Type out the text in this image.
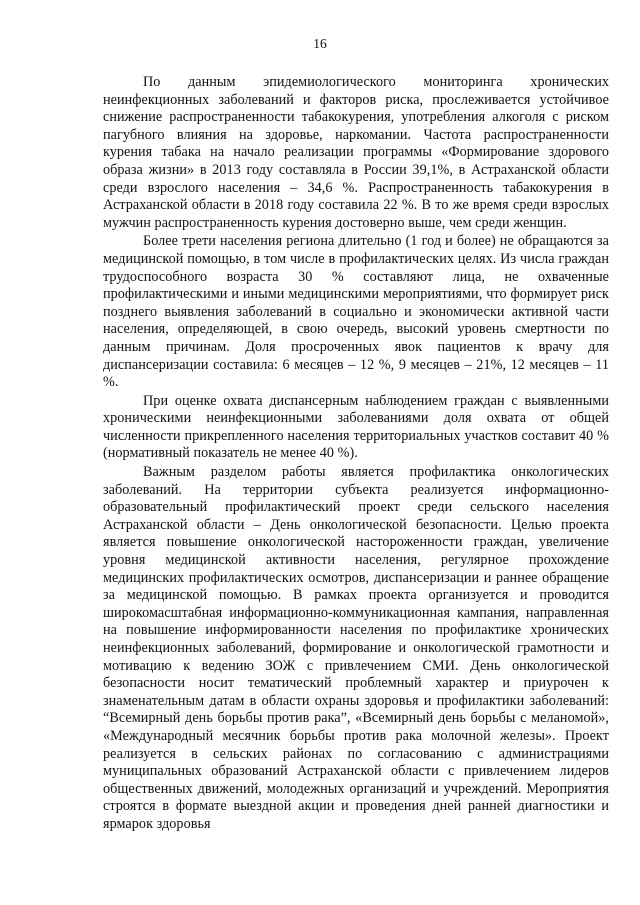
16

По данным эпидемиологического мониторинга хронических неинфекционных заболеваний и факторов риска, прослеживается устойчивое снижение распространенности табакокурения, употребления алкоголя с риском пагубного влияния на здоровье, наркомании. Частота распространенности курения табака на начало реализации программы «Формирование здорового образа жизни» в 2013 году составляла в России 39,1%, в Астраханской области среди взрослого населения – 34,6 %. Распространенность табакокурения в Астраханской области в 2018 году составила 22 %. В то же время среди взрослых мужчин распространенность курения достоверно выше, чем среди женщин.

Более трети населения региона длительно (1 год и более) не обращаются за медицинской помощью, в том числе в профилактических целях. Из числа граждан трудоспособного возраста 30 % составляют лица, не охваченные профилактическими и иными медицинскими мероприятиями, что формирует риск позднего выявления заболеваний в социально и экономически активной части населения, определяющей, в свою очередь, высокий уровень смертности по данным причинам. Доля просроченных явок пациентов к врачу для диспансеризации составила: 6 месяцев – 12 %, 9 месяцев – 21%, 12 месяцев – 11 %.

При оценке охвата диспансерным наблюдением граждан с выявленными хроническими неинфекционными заболеваниями доля охвата от общей численности прикрепленного населения территориальных участков составит 40 % (нормативный показатель не менее 40 %).

Важным разделом работы является профилактика онкологических заболеваний. На территории субъекта реализуется информационно-образовательный профилактический проект среди сельского населения Астраханской области – День онкологической безопасности. Целью проекта является повышение онкологической настороженности граждан, увеличение уровня медицинской активности населения, регулярное прохождение медицинских профилактических осмотров, диспансеризации и раннее обращение за медицинской помощью. В рамках проекта организуется и проводится широкомасштабная информационно-коммуникационная кампания, направленная на повышение информированности населения по профилактике хронических неинфекционных заболеваний, формирование и онкологической грамотности и мотивацию к ведению ЗОЖ с привлечением СМИ. День онкологической безопасности носит тематический проблемный характер и приурочен к знаменательным датам в области охраны здоровья и профилактики заболеваний: “Всемирный день борьбы против рака”, «Всемирный день борьбы с меланомой», «Международный месячник борьбы против рака молочной железы». Проект реализуется в сельских районах по согласованию с администрациями муниципальных образований Астраханской области с привлечением лидеров общественных движений, молодежных организаций и учреждений. Мероприятия строятся в формате выездной акции и проведения дней ранней диагностики и ярмарок здоровья
